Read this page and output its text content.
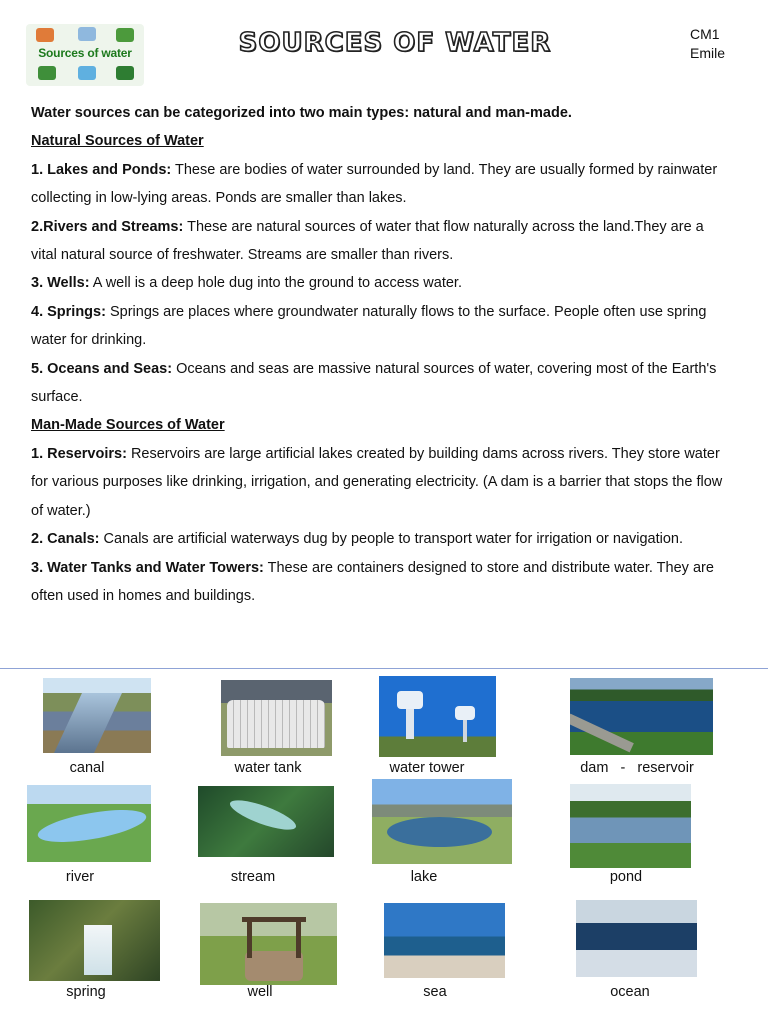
Sources of water	SOURCES OF WATER	CM1
Emile

Water sources can be categorized into two main types: natural and man-made.

Natural Sources of Water

1. Lakes and Ponds: These are bodies of water surrounded by land. They are usually formed by rainwater collecting in low-lying areas. Ponds are smaller than lakes.

2.Rivers and Streams: These are natural sources of water that flow naturally across the land.They are a vital natural source of freshwater. Streams are smaller than rivers.

3. Wells: A well is a deep hole dug into the ground to access water.

4. Springs: Springs are places where groundwater naturally flows to the surface. People often use spring water for drinking.

5. Oceans and Seas: Oceans and seas are massive natural sources of water, covering most of the Earth's surface.

Man-Made Sources of Water

1. Reservoirs: Reservoirs are large artificial lakes created by building dams across rivers. They store water for various purposes like drinking, irrigation, and generating electricity. (A dam is a barrier that stops the flow of water.)

2. Canals: Canals are artificial waterways dug by people to transport water for irrigation or navigation.

3. Water Tanks and Water Towers: These are containers designed to store and distribute water. They are often used in homes and buildings.

canal	water tank	water tower	dam   -   reservoir
river	stream	lake	pond
spring	well	sea	ocean
